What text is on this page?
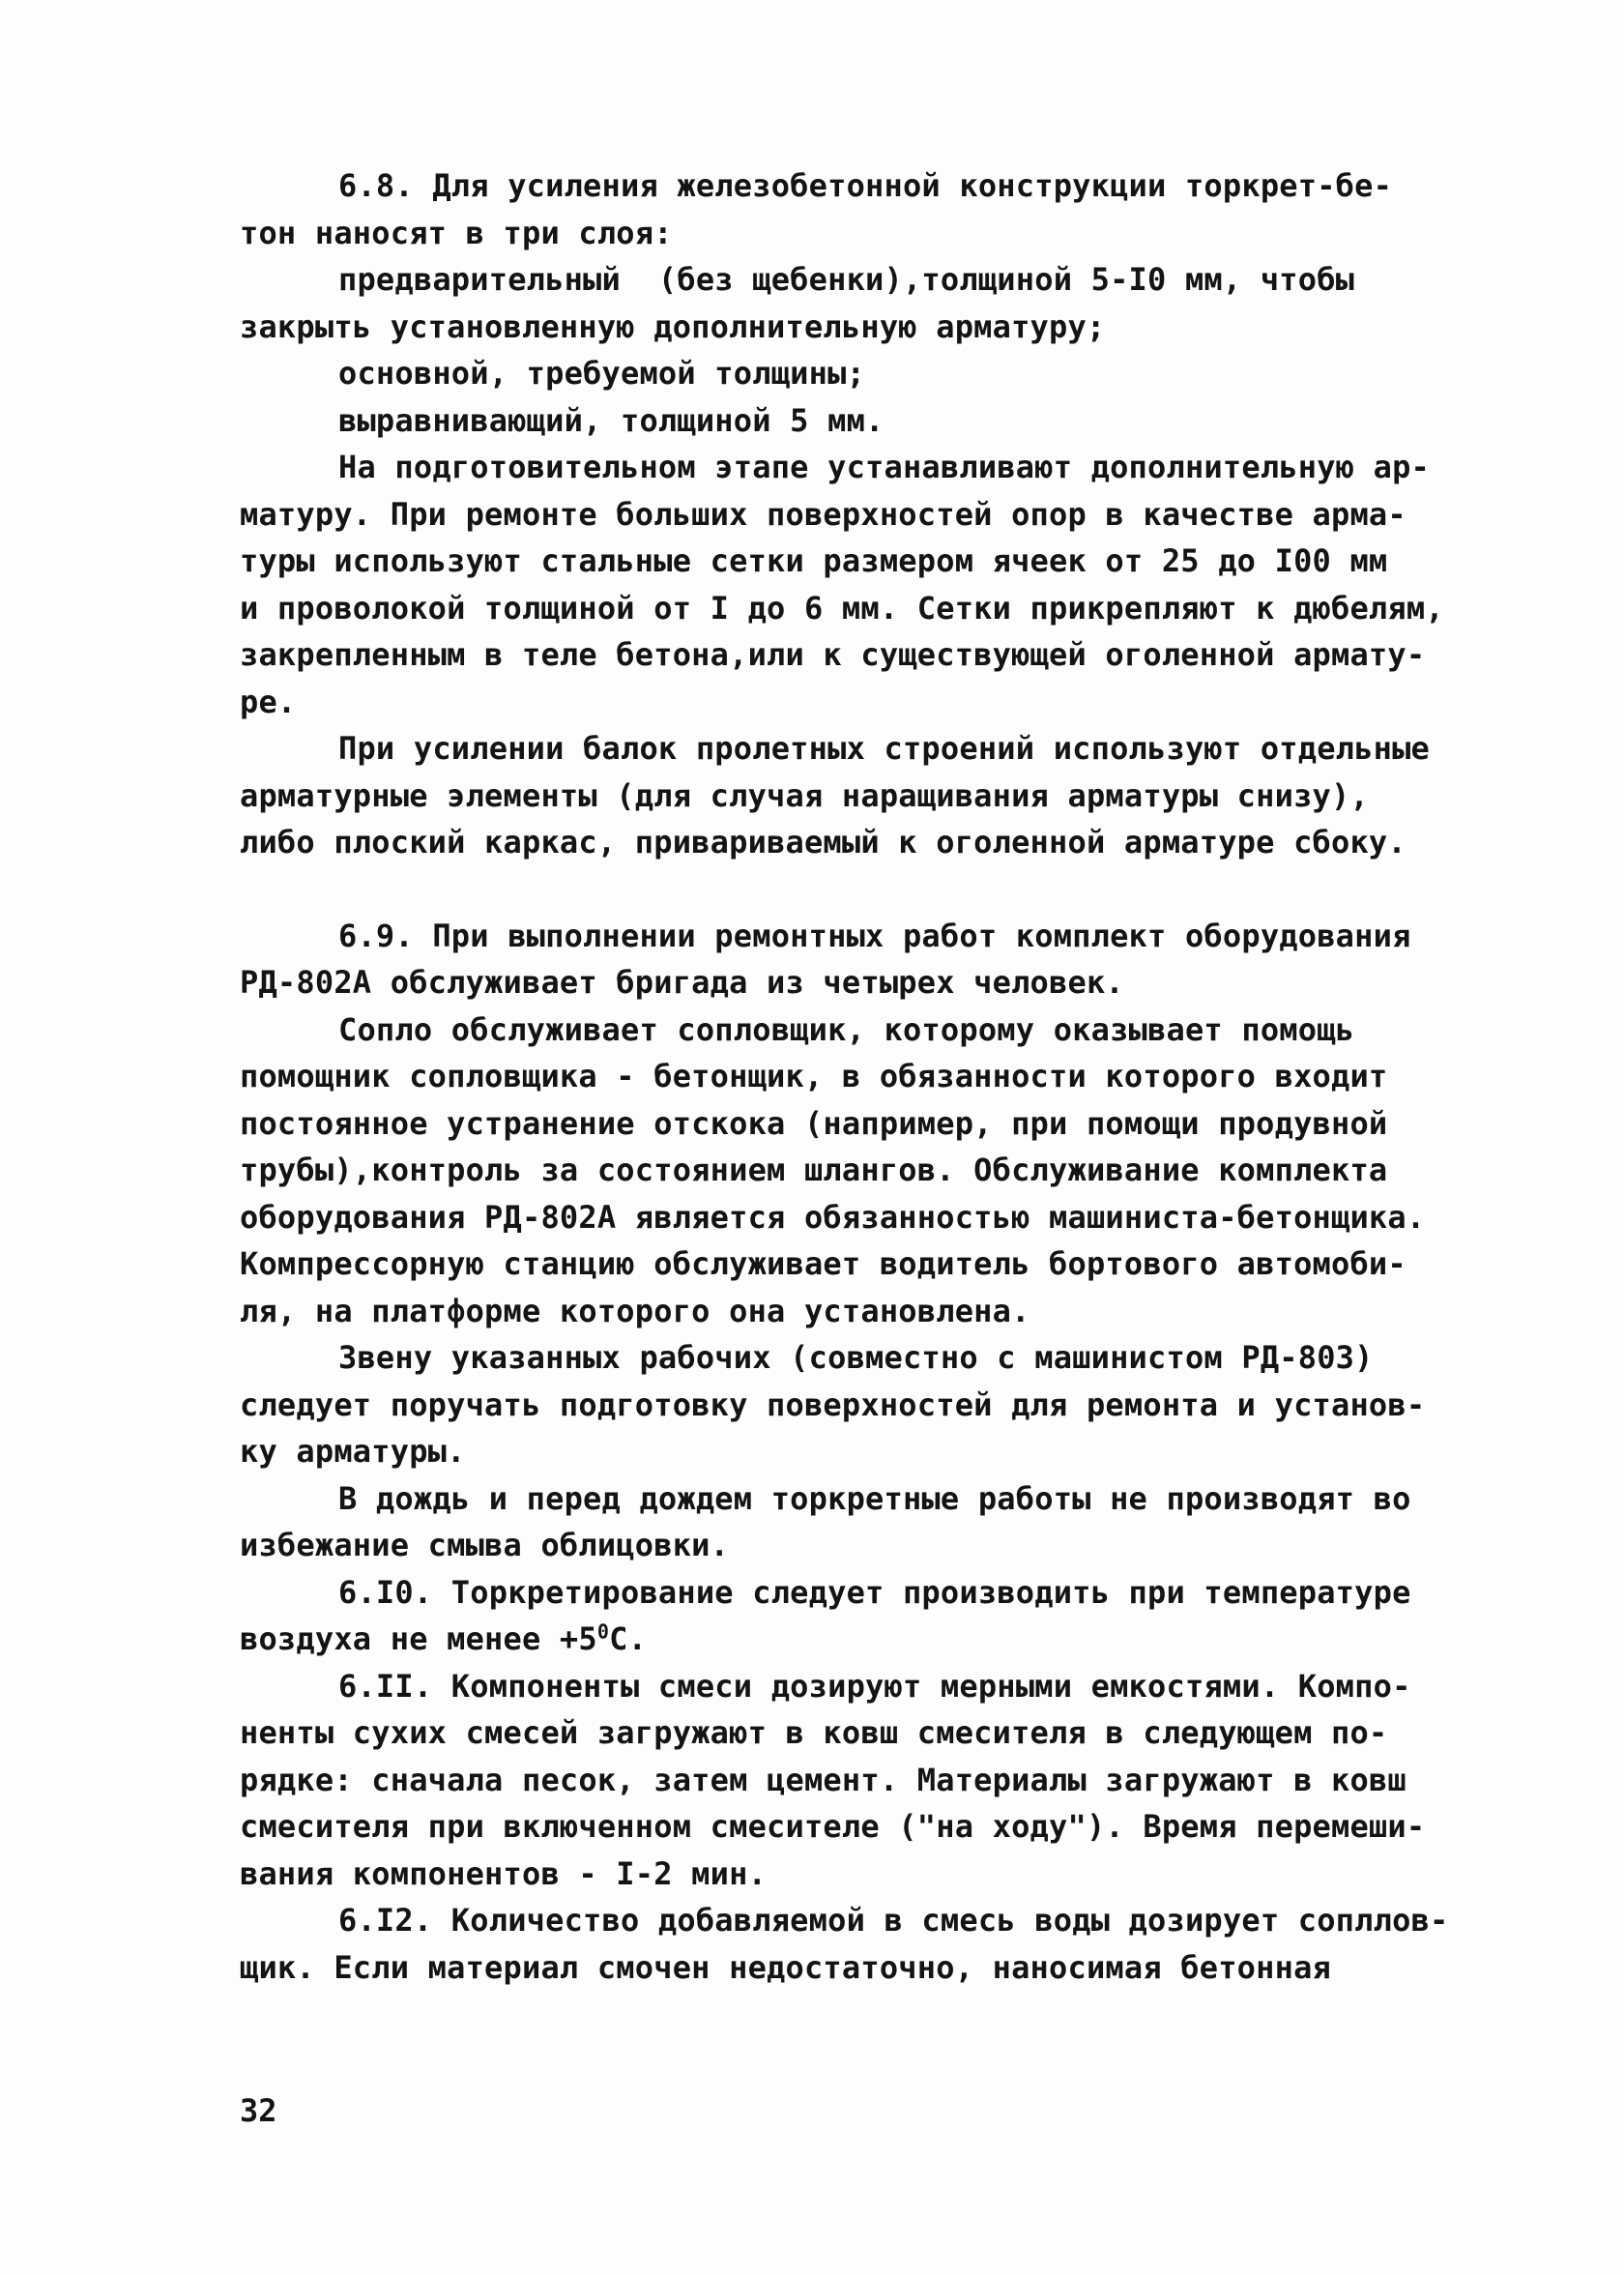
6.8. Для усиления железобетонной конструкции торкрет-бе-
тон наносят в три слоя:
предварительный  (без щебенки),толщиной 5-I0 мм, чтобы
закрыть установленную дополнительную арматуру;
основной, требуемой толщины;
выравнивающий, толщиной 5 мм.
На подготовительном этапе устанавливают дополнительную ар-
матуру. При ремонте больших поверхностей опор в качестве арма-
туры используют стальные сетки размером ячеек от 25 до I00 мм
и проволокой толщиной от I до 6 мм. Сетки прикрепляют к дюбелям,
закрепленным в теле бетона,или к существующей оголенной армату-
ре.
При усилении балок пролетных строений используют отдельные
арматурные элементы (для случая наращивания арматуры снизу),
либо плоский каркас, привариваемый к оголенной арматуре сбоку.
6.9. При выполнении ремонтных работ комплект оборудования
РД-802А обслуживает бригада из четырех человек.
Сопло обслуживает сопловщик, которому оказывает помощь
помощник сопловщика - бетонщик, в обязанности которого входит
постоянное устранение отскока (например, при помощи продувной
трубы),контроль за состоянием шлангов. Обслуживание комплекта
оборудования РД-802А является обязанностью машиниста-бетонщика.
Компрессорную станцию обслуживает водитель бортового автомоби-
ля, на платформе которого она установлена.
Звену указанных рабочих (совместно с машинистом РД-803)
следует поручать подготовку поверхностей для ремонта и установ-
ку арматуры.
В дождь и перед дождем торкретные работы не производят во
избежание смыва облицовки.
6.I0. Торкретирование следует производить при температуре
воздуха не менее $+5^0С$.
6.II. Компоненты смеси дозируют мерными емкостями. Компо-
ненты сухих смесей загружают в ковш смесителя в следующем по-
рядке: сначала песок, затем цемент. Материалы загружают в ковш
смесителя при включенном смесителе ("на ходу"). Время перемеши-
вания компонентов - I-2 мин.
6.I2. Количество добавляемой в смесь воды дозирует сопллов-
щик. Если материал смочен недостаточно, наносимая бетонная
32
